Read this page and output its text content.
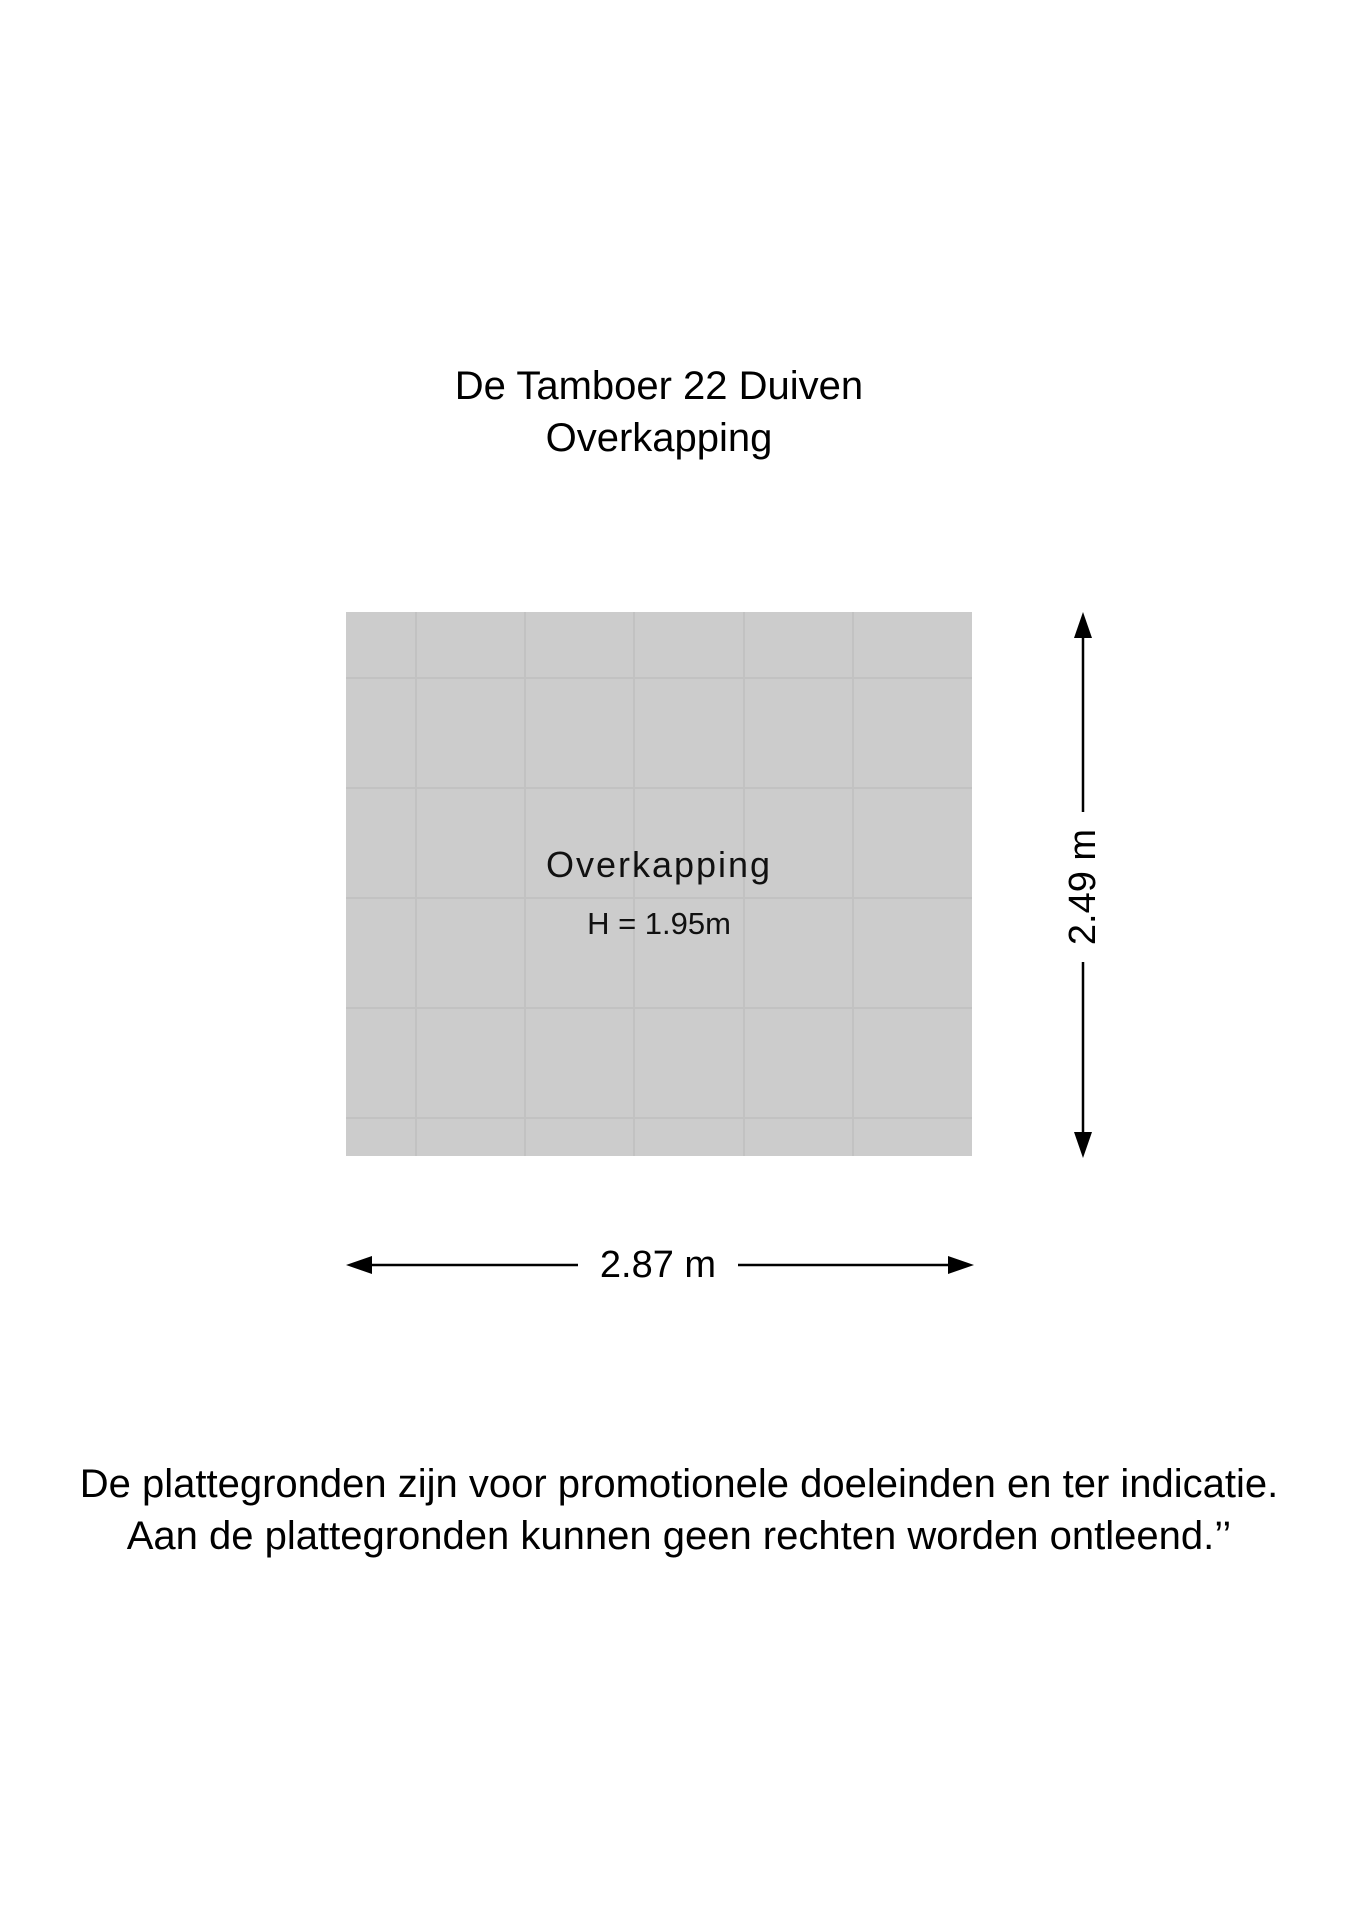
De Tamboer 22 Duiven
Overkapping
Overkapping
H = 1.95m
2.87 m
2.49 m
De plattegronden zijn voor promotionele doeleinden en ter indicatie.
Aan de plattegronden kunnen geen rechten worden ontleend.’’
